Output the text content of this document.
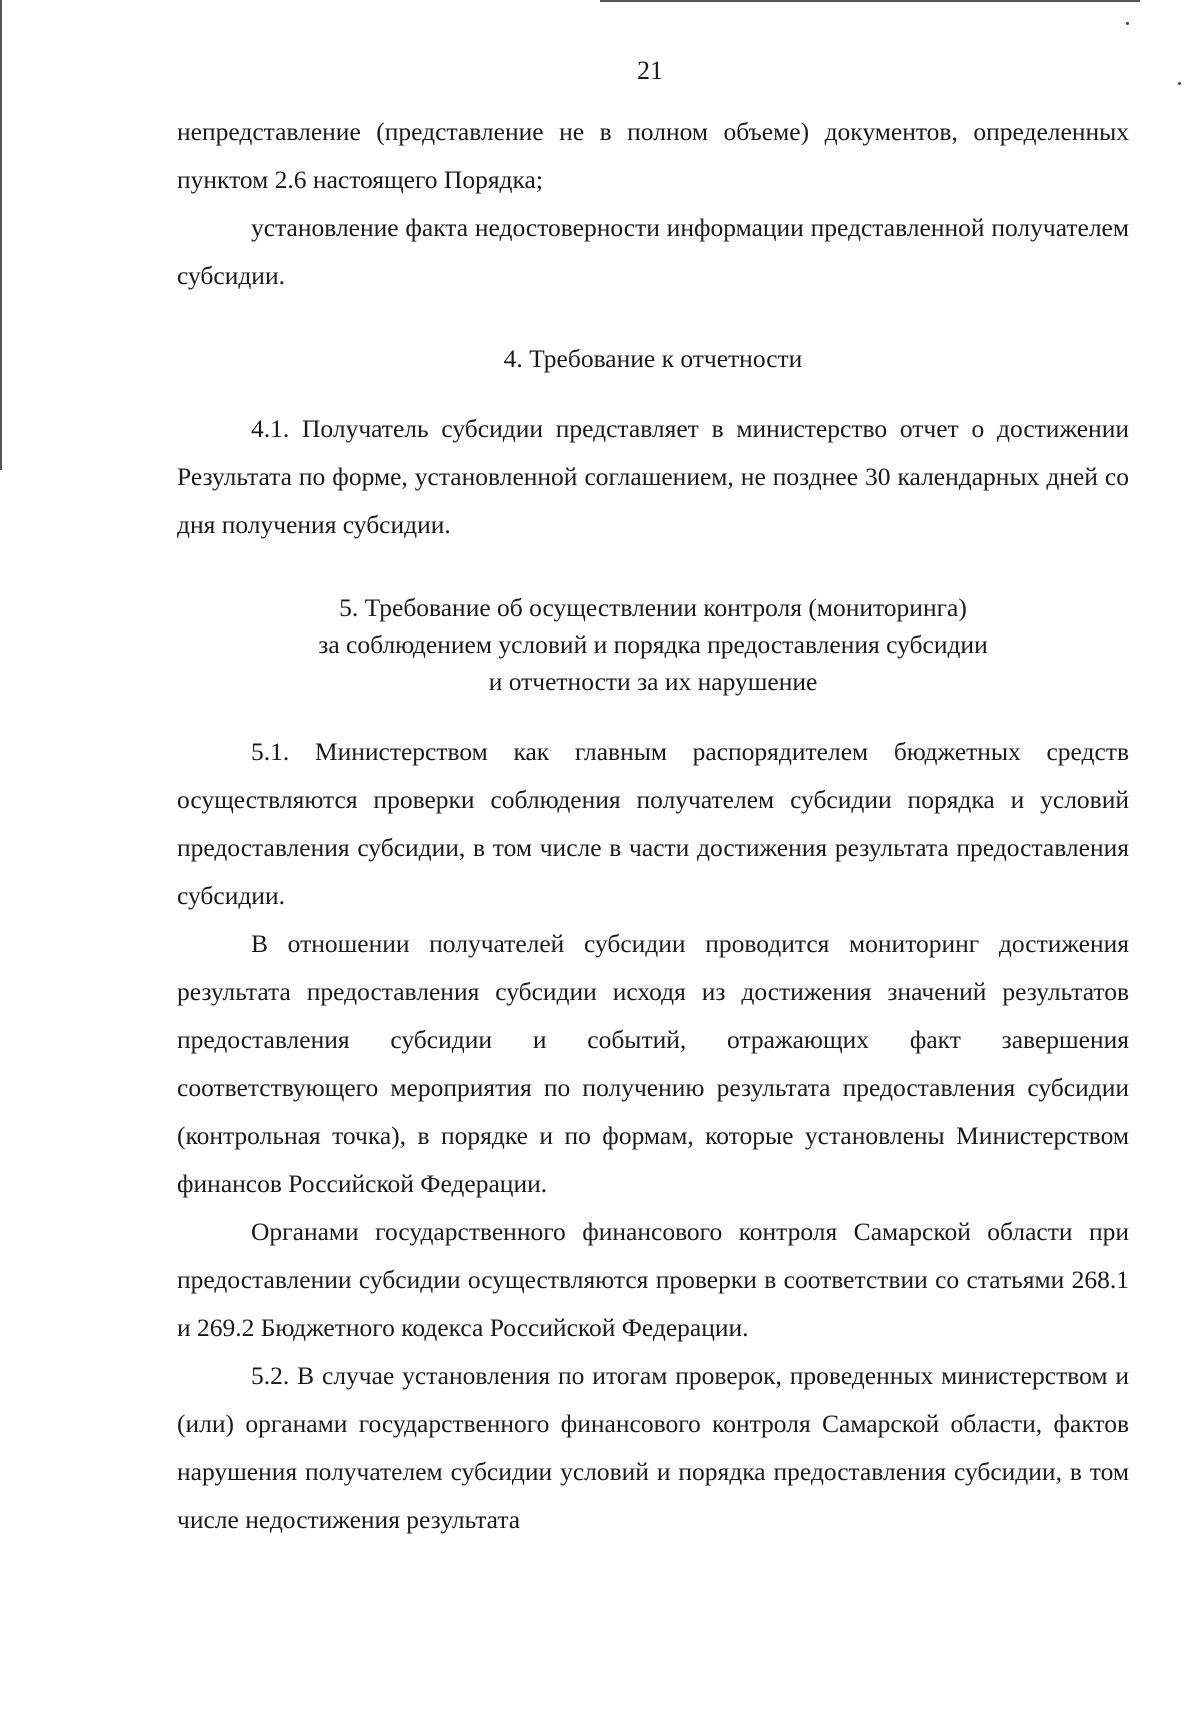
21

непредставление (представление не в полном объеме) документов, определенных пунктом 2.6 настоящего Порядка;

установление факта недостоверности информации представленной получателем субсидии.

4. Требование к отчетности

4.1. Получатель субсидии представляет в министерство отчет о достижении Результата по форме, установленной соглашением, не позднее 30 календарных дней со дня получения субсидии.

5. Требование об осуществлении контроля (мониторинга)

за соблюдением условий и порядка предоставления субсидии

и отчетности за их нарушение

5.1. Министерством как главным распорядителем бюджетных средств осуществляются проверки соблюдения получателем субсидии порядка и условий предоставления субсидии, в том числе в части достижения результата предоставления субсидии.

В отношении получателей субсидии проводится мониторинг достижения результата предоставления субсидии исходя из достижения значений результатов предоставления субсидии и событий, отражающих факт завершения соответствующего мероприятия по получению результата предоставления субсидии (контрольная точка), в порядке и по формам, которые установлены Министерством финансов Российской Федерации.

Органами государственного финансового контроля Самарской области при предоставлении субсидии осуществляются проверки в соответствии со статьями 268.1 и 269.2 Бюджетного кодекса Российской Федерации.

5.2. В случае установления по итогам проверок, проведенных министерством и (или) органами государственного финансового контроля Самарской области, фактов нарушения получателем субсидии условий и порядка предоставления субсидии, в том числе недостижения результата
